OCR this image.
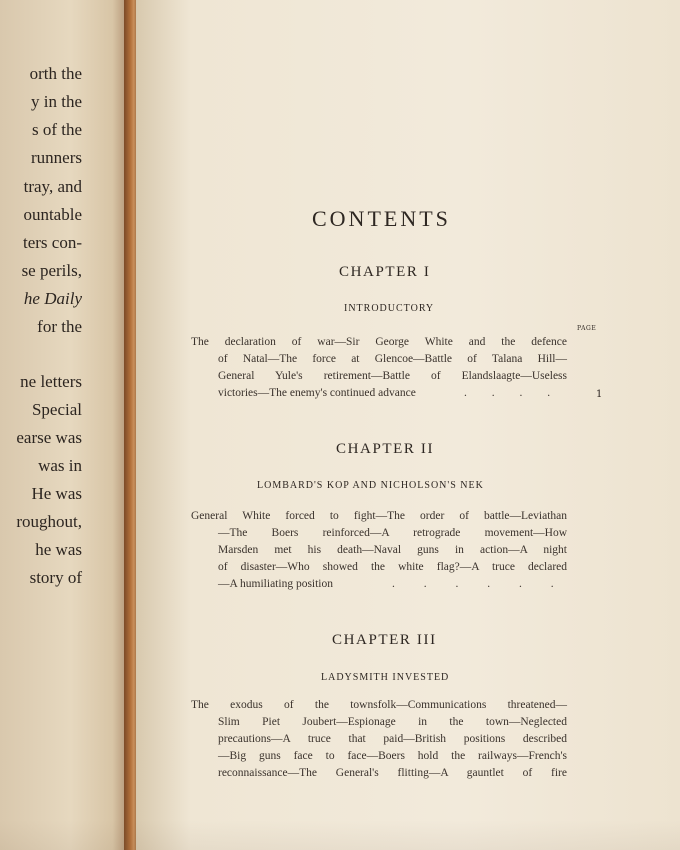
orth the
y in the
s of the
runners
tray, and
ountable
ters con-
se perils,
he Daily
for the
ne letters
Special
earse was
was in
He was
roughout,
he was
story of
CONTENTS
CHAPTER I
INTRODUCTORY
PAGE
The declaration of war—Sir George White and the defence
of Natal—The force at Glencoe—Battle of Talana Hill—
General Yule's retirement—Battle of Elandslaagte—Useless
victories—The enemy's continued advance	. . . .	1
CHAPTER II
LOMBARD'S KOP AND NICHOLSON'S NEK
General White forced to fight—The order of battle—Leviathan
—The Boers reinforced—A retrograde movement—How
Marsden met his death—Naval guns in action—A night
of disaster—Who showed the white flag?—A truce declared
—A humiliating position	. . . . . .
CHAPTER III
LADYSMITH INVESTED
The exodus of the townsfolk—Communications threatened—
Slim Piet Joubert—Espionage in the town—Neglected
precautions—A truce that paid—British positions described
—Big guns face to face—Boers hold the railways—French's
reconnaissance—The General's flitting—A gauntlet of fire
